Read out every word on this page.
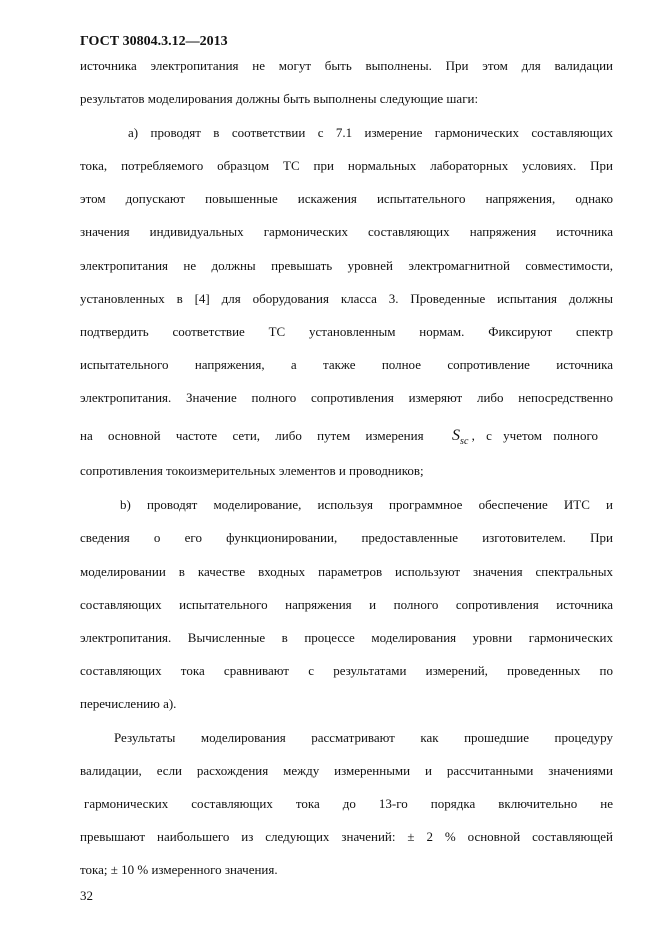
ГОСТ 30804.3.12—2013
источника электропитания не могут быть выполнены. При этом для валидации
результатов моделирования должны быть выполнены следующие шаги:
a) проводят в соответствии с 7.1 измерение гармонических составляющих
тока, потребляемого образцом ТС при нормальных лабораторных условиях. При
этом допускают повышенные искажения испытательного напряжения, однако
значения индивидуальных гармонических составляющих напряжения источника
электропитания не должны превышать уровней электромагнитной совместимости,
установленных в [4] для оборудования класса 3. Проведенные испытания должны
подтвердить соответствие ТС установленным нормам. Фиксируют спектр
испытательного напряжения, а также полное сопротивление источника
электропитания. Значение полного сопротивления измеряют либо непосредственно
на основной частоте сети, либо путем измерения $S_{sc}$ , с учетом полного
сопротивления токоизмерительных элементов и проводников;
b) проводят моделирование, используя программное обеспечение ИТС и
сведения о его функционировании, предоставленные изготовителем. При
моделировании в качестве входных параметров используют значения спектральных
составляющих испытательного напряжения и полного сопротивления источника
электропитания. Вычисленные в процессе моделирования уровни гармонических
составляющих тока сравнивают с результатами измерений, проведенных по
перечислению а).
Результаты моделирования рассматривают как прошедшие процедуру
валидации, если расхождения между измеренными и рассчитанными значениями
гармонических составляющих тока до 13-го порядка включительно не
превышают наибольшего из следующих значений: ± 2 % основной составляющей
тока; ± 10 % измеренного значения.
32
